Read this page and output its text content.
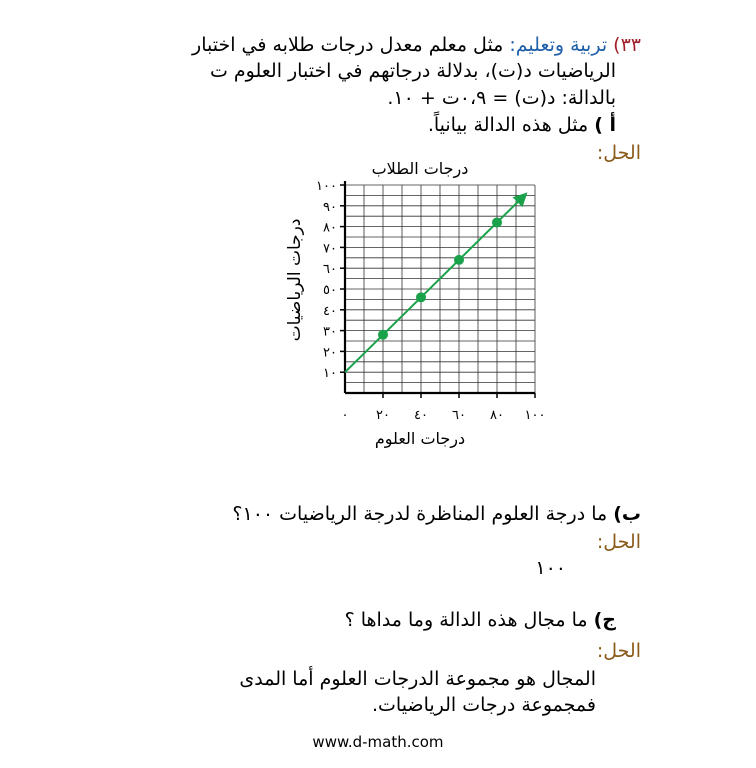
٣٣) تربية وتعليم: مثل معلم معدل درجات طلابه في اختبار
الرياضيات د(ت)، بدلالة درجاتهم في اختبار العلوم ت
بالدالة: د(ت) = ٠،٩ت + ١٠.
أ ) مثل هذه الدالة بيانياً.
الحل:
درجات الطلاب
٠ ٢٠ ٤٠ ٦٠ ٨٠ ١٠٠
١٠
٢٠
٣٠
٤٠
٥٠
٦٠
٧٠
٨٠
٩٠
١٠٠
درجات العلوم
درجات الرياضيات
ب) ما درجة العلوم المناظرة لدرجة الرياضيات ١٠٠؟
الحل:
١٠٠
ج) ما مجال هذه الدالة وما مداها ؟
الحل:
المجال هو مجموعة الدرجات العلوم أما المدى
فمجموعة درجات الرياضيات.
www.d-math.com
